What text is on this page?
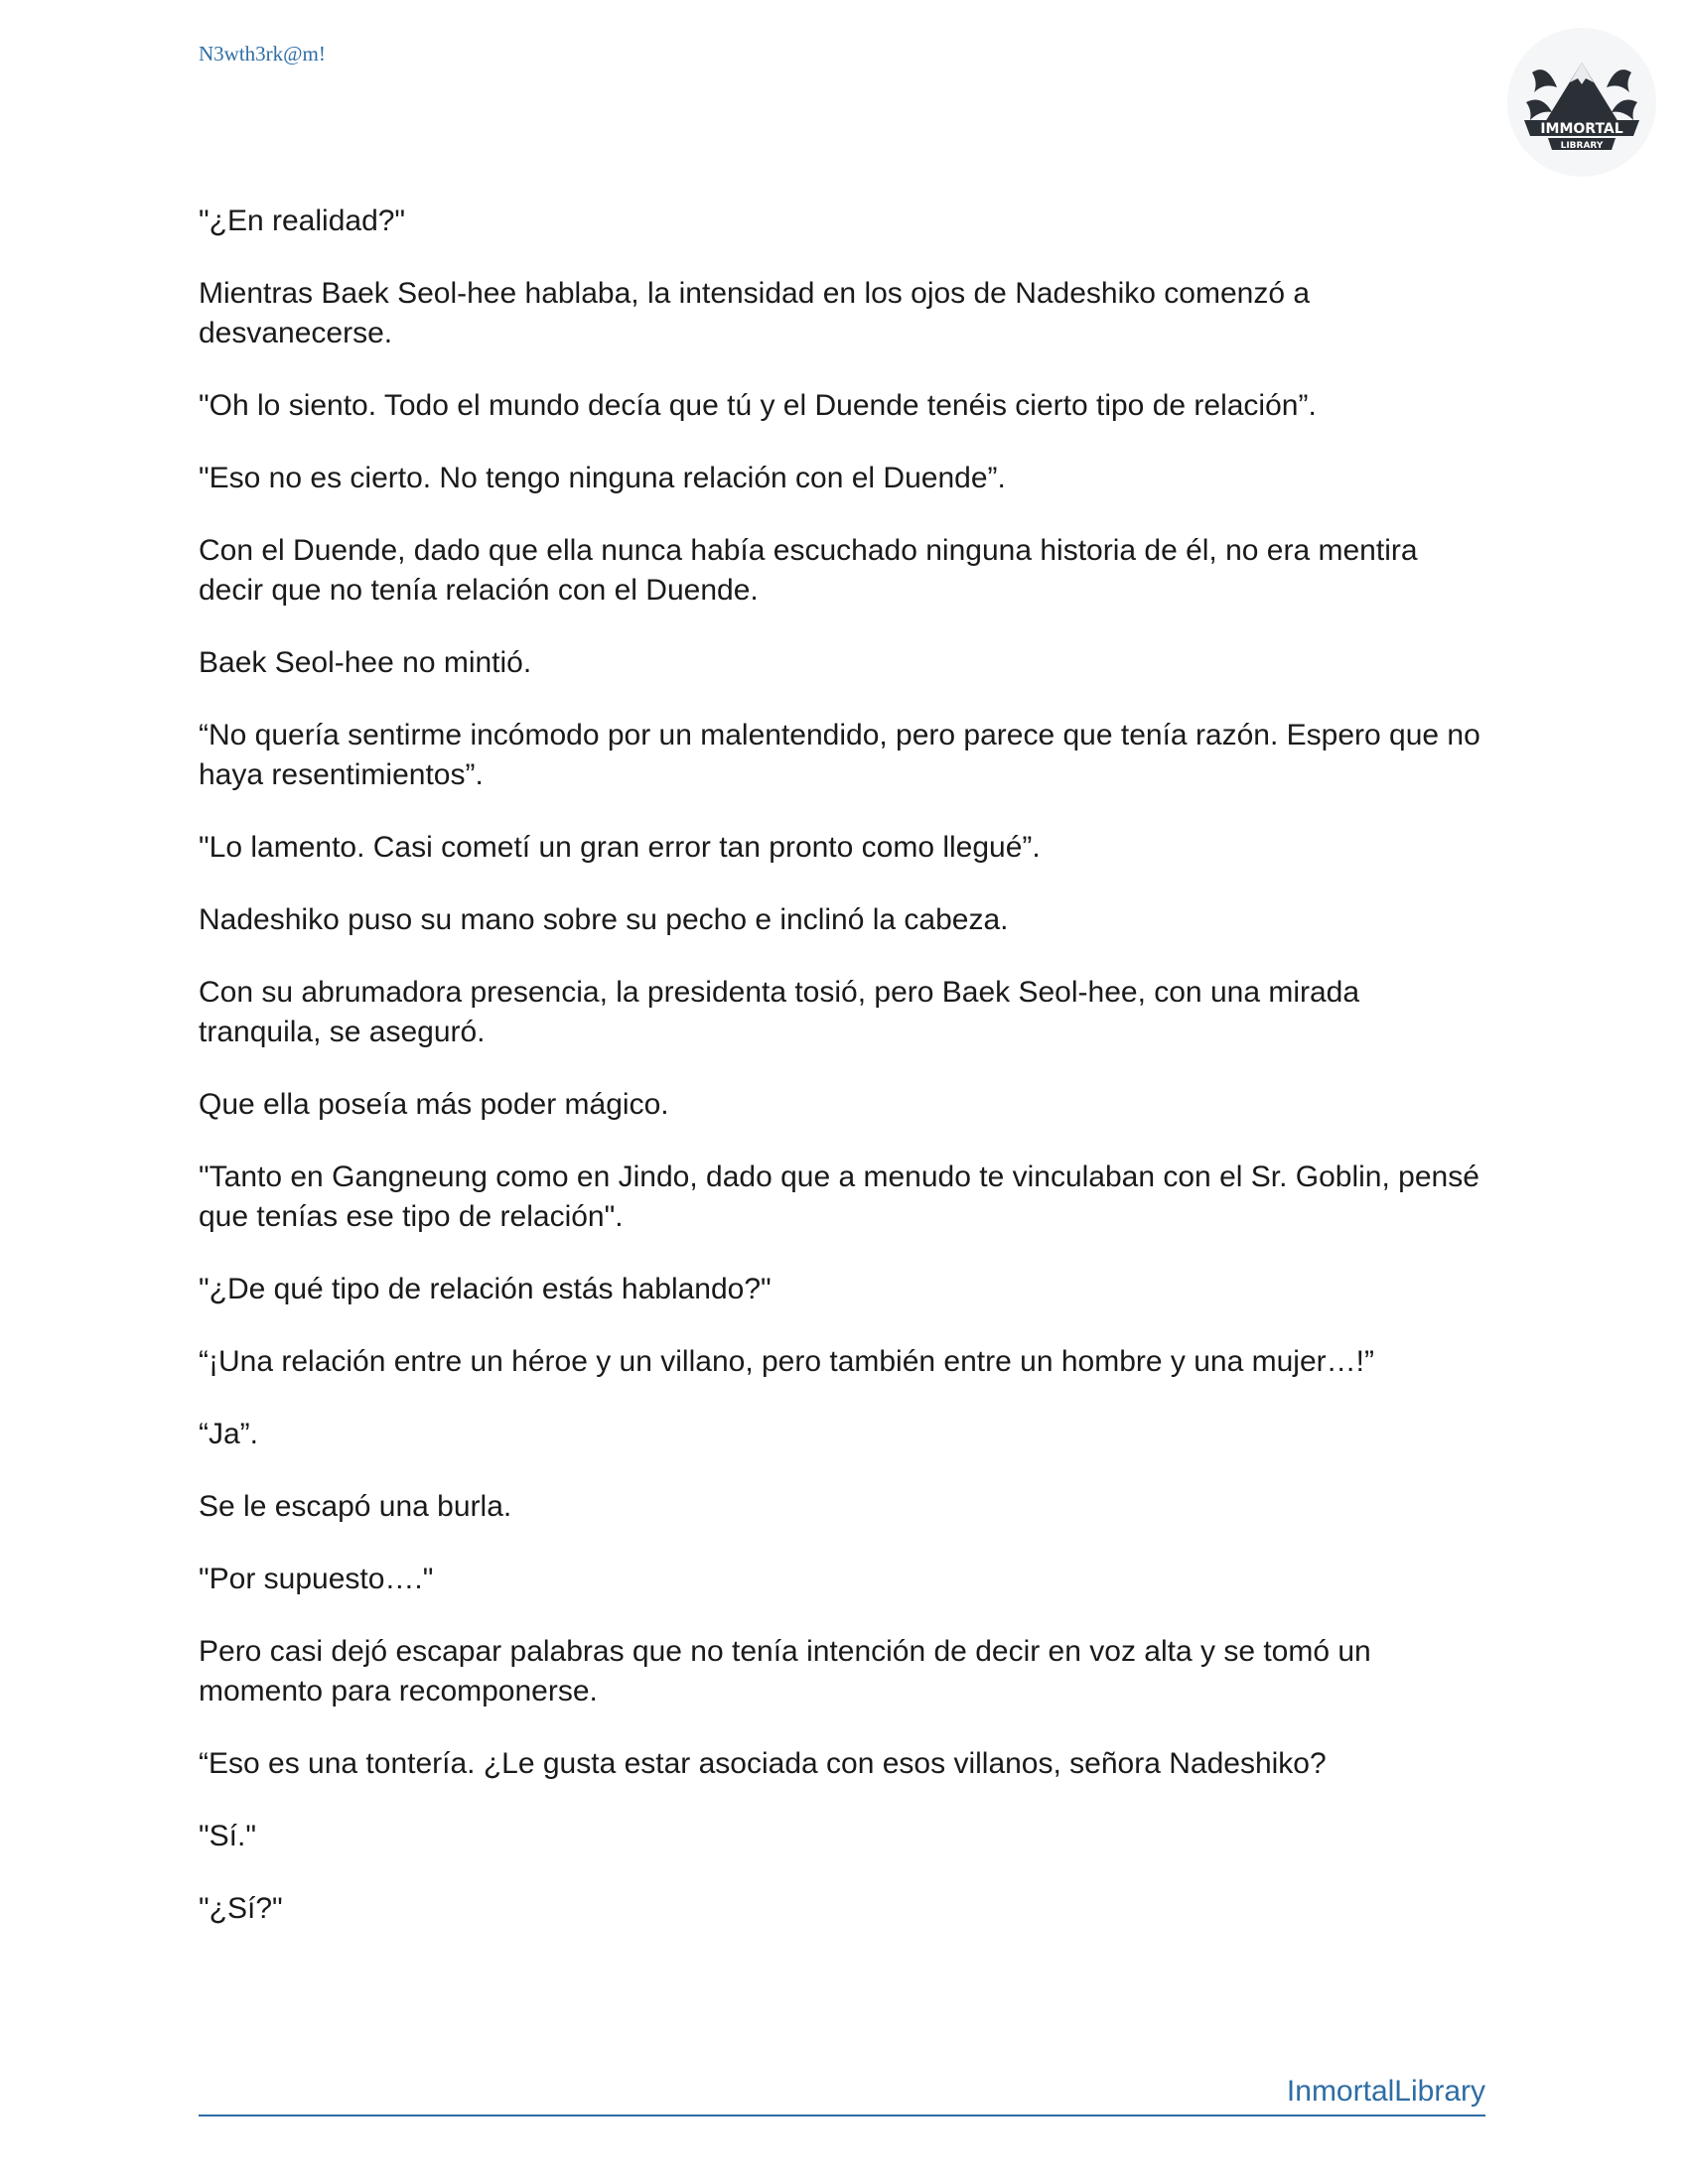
N3wth3rk@m!
IMMORTAL
LIBRARY

"¿En realidad?"

Mientras Baek Seol-hee hablaba, la intensidad en los ojos de Nadeshiko comenzó a desvanecerse.

"Oh lo siento. Todo el mundo decía que tú y el Duende tenéis cierto tipo de relación”.

"Eso no es cierto. No tengo ninguna relación con el Duende”.

Con el Duende, dado que ella nunca había escuchado ninguna historia de él, no era mentira decir que no tenía relación con el Duende.

Baek Seol-hee no mintió.

“No quería sentirme incómodo por un malentendido, pero parece que tenía razón. Espero que no haya resentimientos”.

"Lo lamento. Casi cometí un gran error tan pronto como llegué”.

Nadeshiko puso su mano sobre su pecho e inclinó la cabeza.

Con su abrumadora presencia, la presidenta tosió, pero Baek Seol-hee, con una mirada tranquila, se aseguró.

Que ella poseía más poder mágico.

"Tanto en Gangneung como en Jindo, dado que a menudo te vinculaban con el Sr. Goblin, pensé que tenías ese tipo de relación".

"¿De qué tipo de relación estás hablando?"

“¡Una relación entre un héroe y un villano, pero también entre un hombre y una mujer…!”

“Ja”.

Se le escapó una burla.

"Por supuesto…."

Pero casi dejó escapar palabras que no tenía intención de decir en voz alta y se tomó un momento para recomponerse.

“Eso es una tontería. ¿Le gusta estar asociada con esos villanos, señora Nadeshiko?

"Sí."

"¿Sí?"

InmortalLibrary
